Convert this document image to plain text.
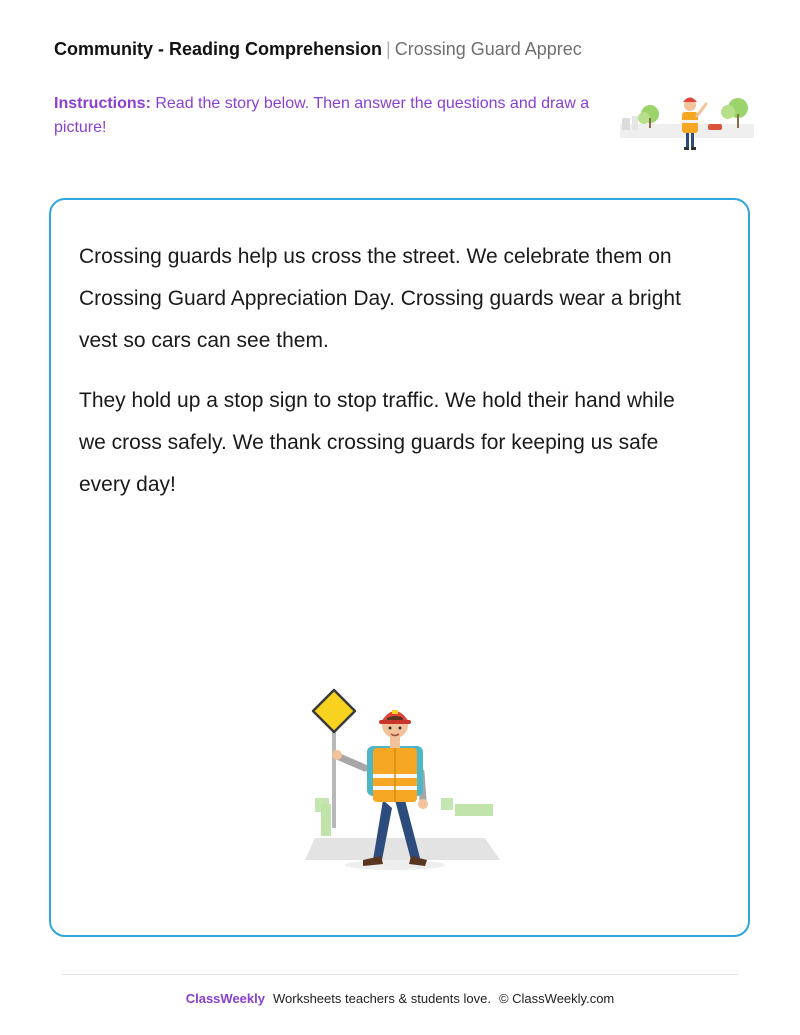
Community - Reading Comprehension | Crossing Guard Apprec
Instructions: Read the story below. Then answer the questions and draw a picture!

Crossing guards help us cross the street. We celebrate them on Crossing Guard Appreciation Day. Crossing guards wear a bright vest so cars can see them.

They hold up a stop sign to stop traffic. We hold their hand while we cross safely. We thank crossing guards for keeping us safe every day!

ClassWeekly Worksheets teachers & students love. © ClassWeekly.com
